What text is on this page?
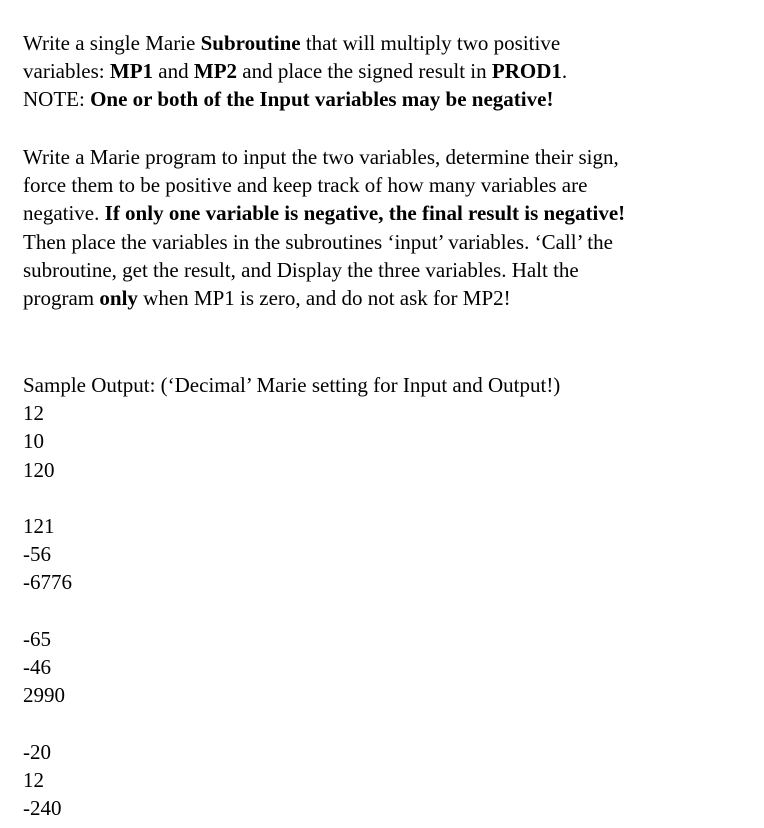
Write a single Marie Subroutine that will multiply two positive
variables: MP1 and MP2 and place the signed result in PROD1.
NOTE: One or both of the Input variables may be negative!
Write a Marie program to input the two variables, determine their sign,
force them to be positive and keep track of how many variables are
negative. If only one variable is negative, the final result is negative!
Then place the variables in the subroutines ‘input’ variables. ‘Call’ the
subroutine, get the result, and Display the three variables. Halt the
program only when MP1 is zero, and do not ask for MP2!
Sample Output: (‘Decimal’ Marie setting for Input and Output!)
12
10
120

121
-56
-6776

-65
-46
2990

-20
12
-240
